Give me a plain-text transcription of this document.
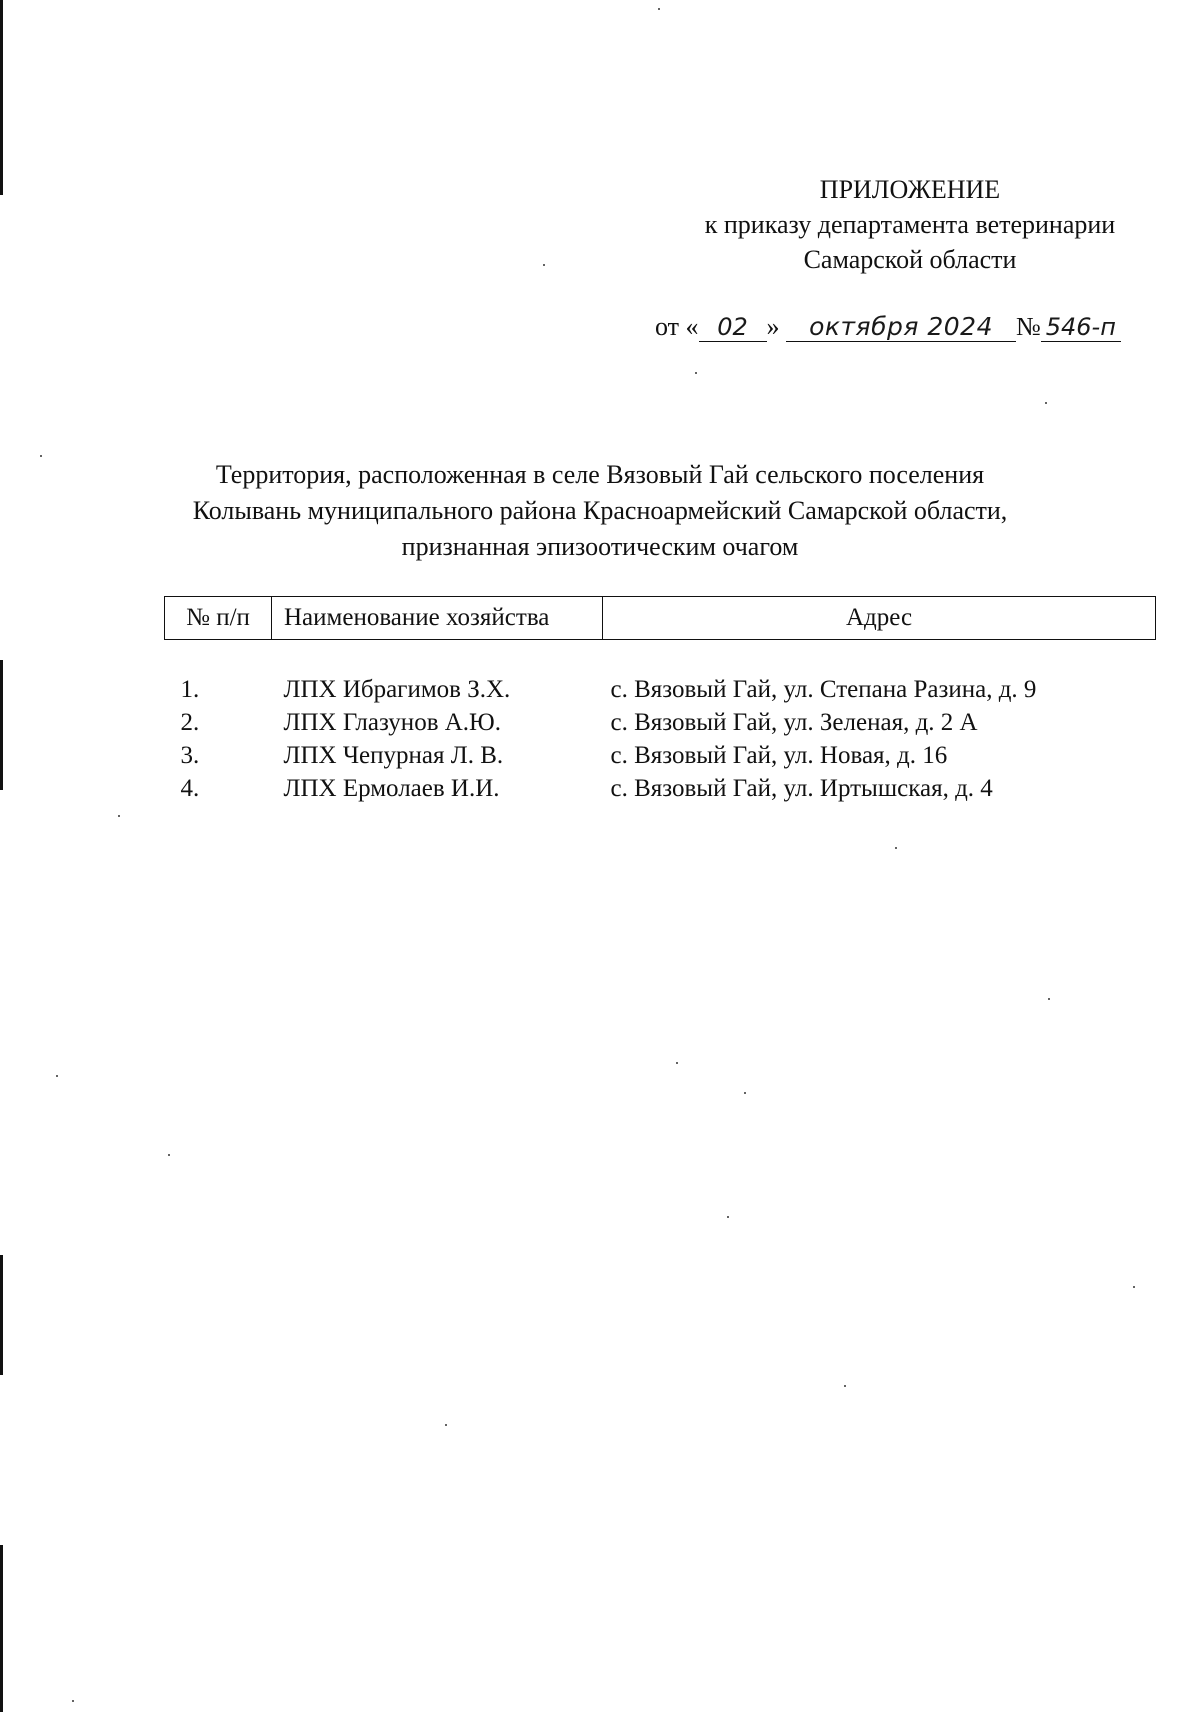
ПРИЛОЖЕНИЕ
к приказу департамента ветеринарии
Самарской области
от « 02 » октября 2024 № 546-п
Территория, расположенная в селе Вязовый Гай сельского поселения
Колывань муниципального района Красноармейский Самарской области,
признанная эпизоотическим очагом
№ п/п	Наименование хозяйства	Адрес

1.	ЛПХ Ибрагимов З.Х.	с. Вязовый Гай, ул. Степана Разина, д. 9
2.	ЛПХ Глазунов А.Ю.	с. Вязовый Гай, ул. Зеленая, д. 2 А
3.	ЛПХ Чепурная Л. В.	с. Вязовый Гай, ул. Новая, д. 16
4.	ЛПХ Ермолаев И.И.	с. Вязовый Гай, ул. Иртышская, д. 4
